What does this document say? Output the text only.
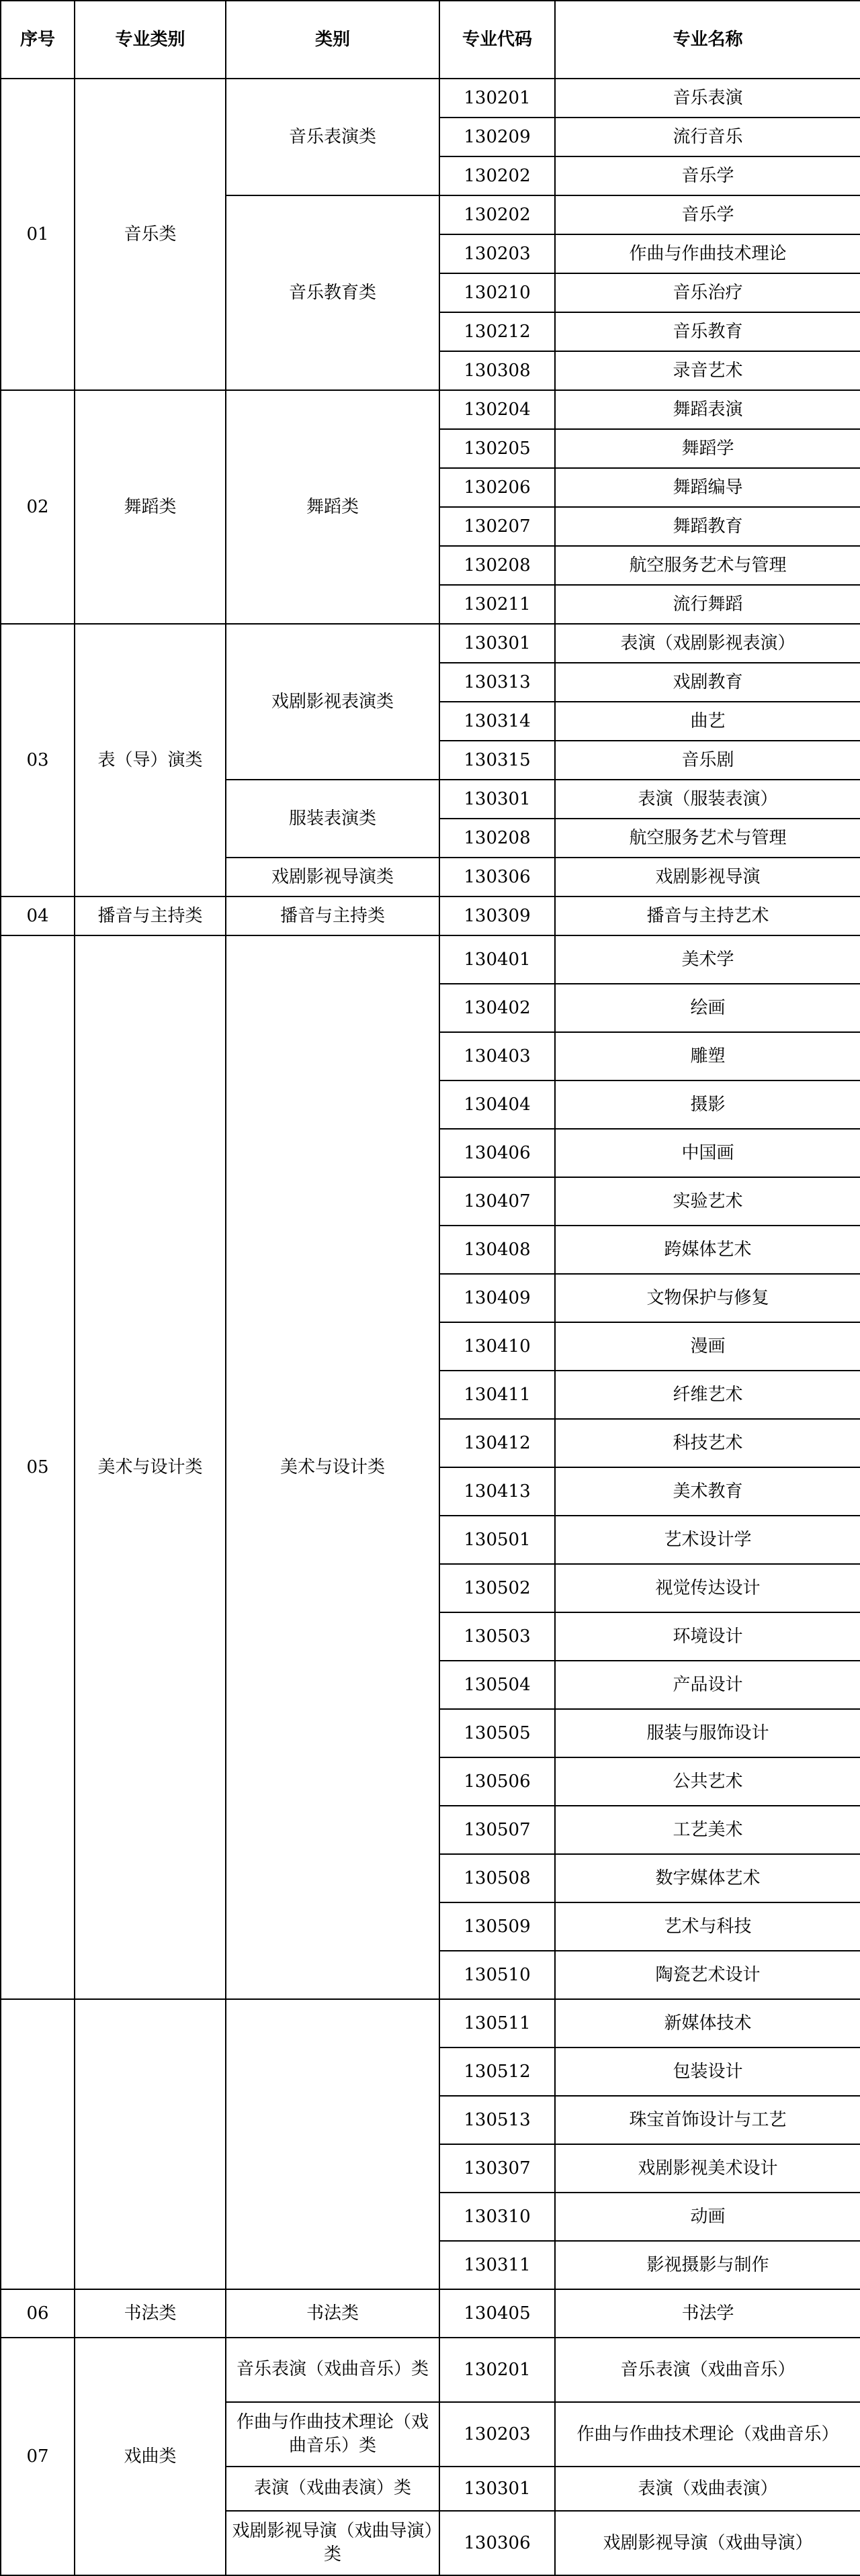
序号	专业类别	类别	专业代码	专业名称
01	音乐类	音乐表演类	130201	音乐表演
			130209	流行音乐
			130202	音乐学
		音乐教育类	130202	音乐学
			130203	作曲与作曲技术理论
			130210	音乐治疗
			130212	音乐教育
			130308	录音艺术
02	舞蹈类	舞蹈类	130204	舞蹈表演
			130205	舞蹈学
			130206	舞蹈编导
			130207	舞蹈教育
			130208	航空服务艺术与管理
			130211	流行舞蹈
03	表（导）演类	戏剧影视表演类	130301	表演（戏剧影视表演）
			130313	戏剧教育
			130314	曲艺
			130315	音乐剧
		服装表演类	130301	表演（服装表演）
			130208	航空服务艺术与管理
		戏剧影视导演类	130306	戏剧影视导演
04	播音与主持类	播音与主持类	130309	播音与主持艺术
05	美术与设计类	美术与设计类	130401	美术学
			130402	绘画
			130403	雕塑
			130404	摄影
			130406	中国画
			130407	实验艺术
			130408	跨媒体艺术
			130409	文物保护与修复
			130410	漫画
			130411	纤维艺术
			130412	科技艺术
			130413	美术教育
			130501	艺术设计学
			130502	视觉传达设计
			130503	环境设计
			130504	产品设计
			130505	服装与服饰设计
			130506	公共艺术
			130507	工艺美术
			130508	数字媒体艺术
			130509	艺术与科技
			130510	陶瓷艺术设计
			130511	新媒体技术
			130512	包装设计
			130513	珠宝首饰设计与工艺
			130307	戏剧影视美术设计
			130310	动画
			130311	影视摄影与制作
06	书法类	书法类	130405	书法学
07	戏曲类	音乐表演（戏曲音乐）类	130201	音乐表演（戏曲音乐）
		作曲与作曲技术理论（戏曲音乐）类	130203	作曲与作曲技术理论（戏曲音乐）
		表演（戏曲表演）类	130301	表演（戏曲表演）
		戏剧影视导演（戏曲导演）类	130306	戏剧影视导演（戏曲导演）
